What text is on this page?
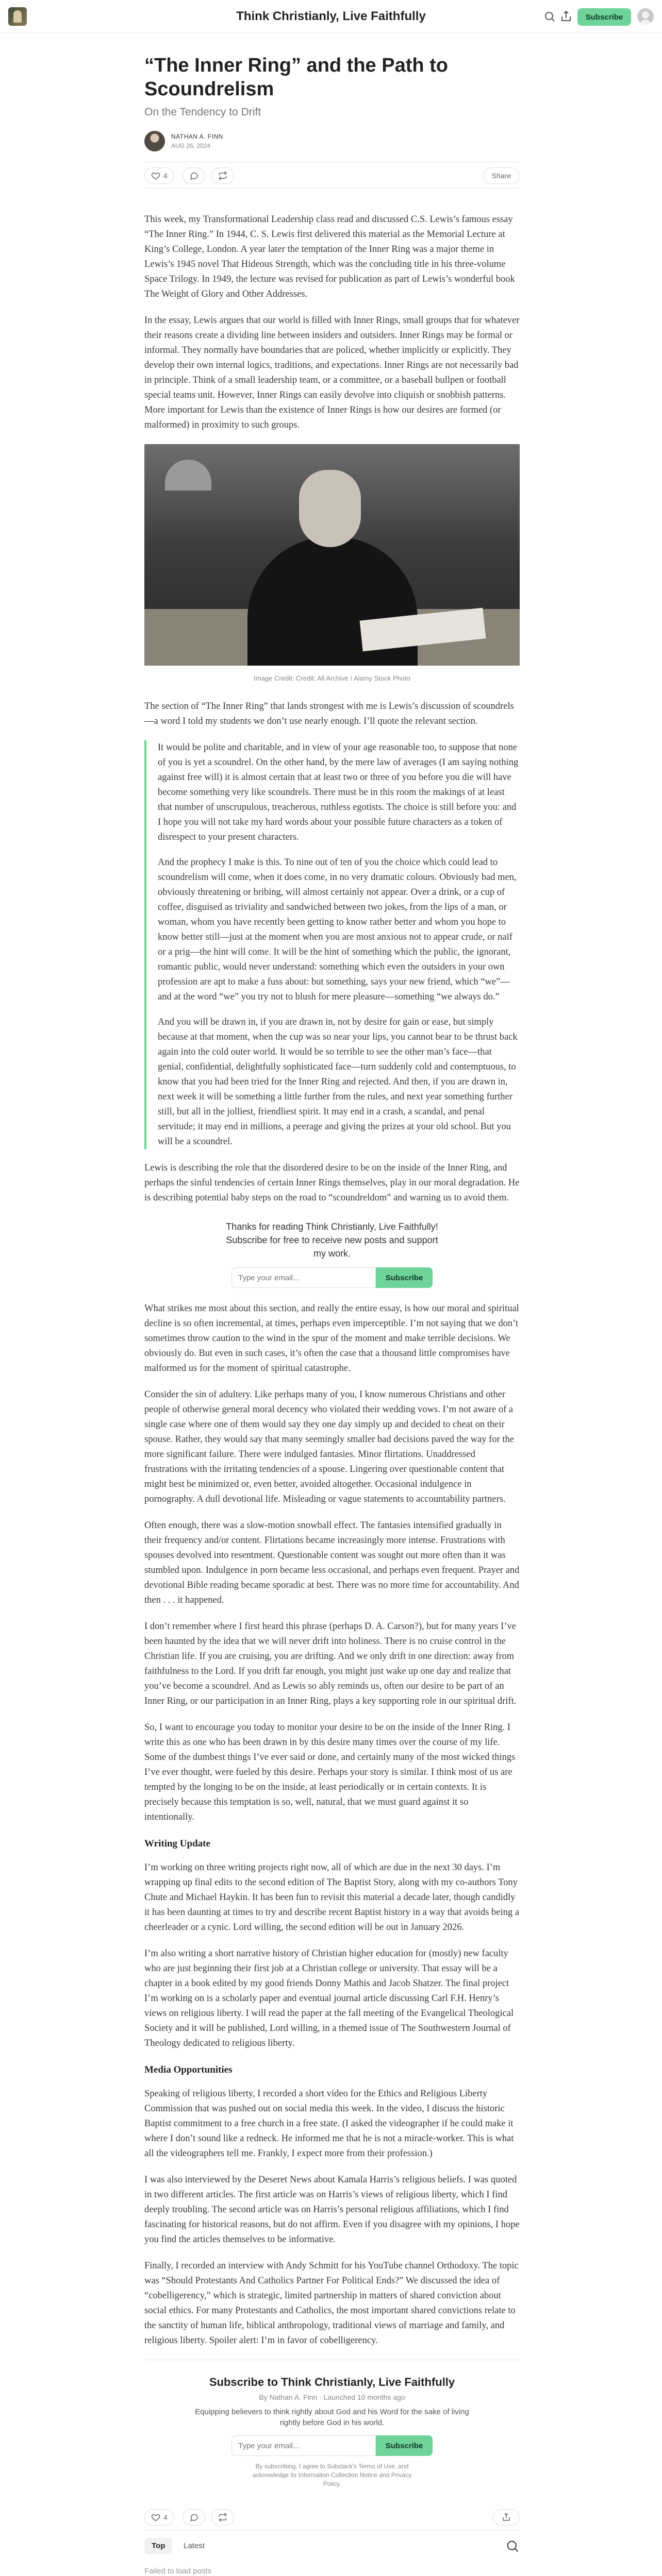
Think Christianly, Live Faithfully	Subscribe
“The Inner Ring” and the Path to Scoundrelism
On the Tendency to Drift
NATHAN A. FINN
AUG 26, 2024
4	Share

This week, my Transformational Leadership class read and discussed C.S. Lewis’s famous essay “The Inner Ring.” In 1944, C. S. Lewis first delivered this material as the Memorial Lecture at King’s College, London. A year later the temptation of the Inner Ring was a major theme in Lewis’s 1945 novel That Hideous Strength, which was the concluding title in his three-volume Space Trilogy. In 1949, the lecture was revised for publication as part of Lewis’s wonderful book The Weight of Glory and Other Addresses.

In the essay, Lewis argues that our world is filled with Inner Rings, small groups that for whatever their reasons create a dividing line between insiders and outsiders. Inner Rings may be formal or informal. They normally have boundaries that are policed, whether implicitly or explicitly. They develop their own internal logics, traditions, and expectations. Inner Rings are not necessarily bad in principle. Think of a small leadership team, or a committee, or a baseball bullpen or football special teams unit. However, Inner Rings can easily devolve into cliquish or snobbish patterns. More important for Lewis than the existence of Inner Rings is how our desires are formed (or malformed) in proximity to such groups.

Image Credit: Credit: All Archive / Alamy Stock Photo

The section of “The Inner Ring” that lands strongest with me is Lewis’s discussion of scoundrels—a word I told my students we don’t use nearly enough. I’ll quote the relevant section.

It would be polite and charitable, and in view of your age reasonable too, to suppose that none of you is yet a scoundrel. On the other hand, by the mere law of averages (I am saying nothing against free will) it is almost certain that at least two or three of you before you die will have become something very like scoundrels. There must be in this room the makings of at least that number of unscrupulous, treacherous, ruthless egotists. The choice is still before you: and I hope you will not take my hard words about your possible future characters as a token of disrespect to your present characters.

And the prophecy I make is this. To nine out of ten of you the choice which could lead to scoundrelism will come, when it does come, in no very dramatic colours. Obviously bad men, obviously threatening or bribing, will almost certainly not appear. Over a drink, or a cup of coffee, disguised as triviality and sandwiched between two jokes, from the lips of a man, or woman, whom you have recently been getting to know rather better and whom you hope to know better still—just at the moment when you are most anxious not to appear crude, or naïf or a prig—the hint will come. It will be the hint of something which the public, the ignorant, romantic public, would never understand: something which even the outsiders in your own profession are apt to make a fuss about: but something, says your new friend, which “we”—and at the word “we” you try not to blush for mere pleasure—something “we always do.”

And you will be drawn in, if you are drawn in, not by desire for gain or ease, but simply because at that moment, when the cup was so near your lips, you cannot bear to be thrust back again into the cold outer world. It would be so terrible to see the other man’s face—that genial, confidential, delightfully sophisticated face—turn suddenly cold and contemptuous, to know that you had been tried for the Inner Ring and rejected. And then, if you are drawn in, next week it will be something a little further from the rules, and next year something further still, but all in the jolliest, friendliest spirit. It may end in a crash, a scandal, and penal servitude; it may end in millions, a peerage and giving the prizes at your old school. But you will be a scoundrel.

Lewis is describing the role that the disordered desire to be on the inside of the Inner Ring, and perhaps the sinful tendencies of certain Inner Rings themselves, play in our moral degradation. He is describing potential baby steps on the road to “scoundreldom” and warning us to avoid them.

Thanks for reading Think Christianly, Live Faithfully! Subscribe for free to receive new posts and support my work.
Type your email...
Subscribe

What strikes me most about this section, and really the entire essay, is how our moral and spiritual decline is so often incremental, at times, perhaps even imperceptible. I’m not saying that we don’t sometimes throw caution to the wind in the spur of the moment and make terrible decisions. We obviously do. But even in such cases, it’s often the case that a thousand little compromises have malformed us for the moment of spiritual catastrophe.

Consider the sin of adultery. Like perhaps many of you, I know numerous Christians and other people of otherwise general moral decency who violated their wedding vows. I’m not aware of a single case where one of them would say they one day simply up and decided to cheat on their spouse. Rather, they would say that many seemingly smaller bad decisions paved the way for the more significant failure. There were indulged fantasies. Minor flirtations. Unaddressed frustrations with the irritating tendencies of a spouse. Lingering over questionable content that might best be minimized or, even better, avoided altogether. Occasional indulgence in pornography. A dull devotional life. Misleading or vague statements to accountability partners.

Often enough, there was a slow-motion snowball effect. The fantasies intensified gradually in their frequency and/or content. Flirtations became increasingly more intense. Frustrations with spouses devolved into resentment. Questionable content was sought out more often than it was stumbled upon. Indulgence in porn became less occasional, and perhaps even frequent. Prayer and devotional Bible reading became sporadic at best. There was no more time for accountability. And then . . . it happened.

I don’t remember where I first heard this phrase (perhaps D. A. Carson?), but for many years I’ve been haunted by the idea that we will never drift into holiness. There is no cruise control in the Christian life. If you are cruising, you are drifting. And we only drift in one direction: away from faithfulness to the Lord. If you drift far enough, you might just wake up one day and realize that you’ve become a scoundrel. And as Lewis so ably reminds us, often our desire to be part of an Inner Ring, or our participation in an Inner Ring, plays a key supporting role in our spiritual drift.

So, I want to encourage you today to monitor your desire to be on the inside of the Inner Ring. I write this as one who has been drawn in by this desire many times over the course of my life. Some of the dumbest things I’ve ever said or done, and certainly many of the most wicked things I’ve ever thought, were fueled by this desire. Perhaps your story is similar. I think most of us are tempted by the longing to be on the inside, at least periodically or in certain contexts. It is precisely because this temptation is so, well, natural, that we must guard against it so intentionally.

Writing Update

I’m working on three writing projects right now, all of which are due in the next 30 days. I’m wrapping up final edits to the second edition of The Baptist Story, along with my co-authors Tony Chute and Michael Haykin. It has been fun to revisit this material a decade later, though candidly it has been daunting at times to try and describe recent Baptist history in a way that avoids being a cheerleader or a cynic. Lord willing, the second edition will be out in January 2026.

I’m also writing a short narrative history of Christian higher education for (mostly) new faculty who are just beginning their first job at a Christian college or university. That essay will be a chapter in a book edited by my good friends Donny Mathis and Jacob Shatzer. The final project I’m working on is a scholarly paper and eventual journal article discussing Carl F.H. Henry’s views on religious liberty. I will read the paper at the fall meeting of the Evangelical Theological Society and it will be published, Lord willing, in a themed issue of The Southwestern Journal of Theology dedicated to religious liberty.

Media Opportunities

Speaking of religious liberty, I recorded a short video for the Ethics and Religious Liberty Commission that was pushed out on social media this week. In the video, I discuss the historic Baptist commitment to a free church in a free state. (I asked the videographer if he could make it where I don’t sound like a redneck. He informed me that he is not a miracle-worker. This is what all the videographers tell me. Frankly, I expect more from their profession.)

I was also interviewed by the Deseret News about Kamala Harris’s religious beliefs. I was quoted in two different articles. The first article was on Harris’s views of religious liberty, which I find deeply troubling. The second article was on Harris’s personal religious affiliations, which I find fascinating for historical reasons, but do not affirm. Even if you disagree with my opinions, I hope you find the articles themselves to be informative.

Finally, I recorded an interview with Andy Schmitt for his YouTube channel Orthodoxy. The topic was “Should Protestants And Catholics Partner For Political Ends?” We discussed the idea of “cobelligerency,” which is strategic, limited partnership in matters of shared conviction about social ethics. For many Protestants and Catholics, the most important shared convictions relate to the sanctity of human life, biblical anthropology, traditional views of marriage and family, and religious liberty. Spoiler alert: I’m in favor of cobelligerency.

Subscribe to Think Christianly, Live Faithfully
By Nathan A. Finn · Launched 10 months ago
Equipping believers to think rightly about God and his Word for the sake of living rightly before God in his world.
Type your email...
Subscribe
By subscribing, I agree to Substack's Terms of Use, and acknowledge its Information Collection Notice and Privacy Policy.
4
Top	Latest
Failed to load posts
